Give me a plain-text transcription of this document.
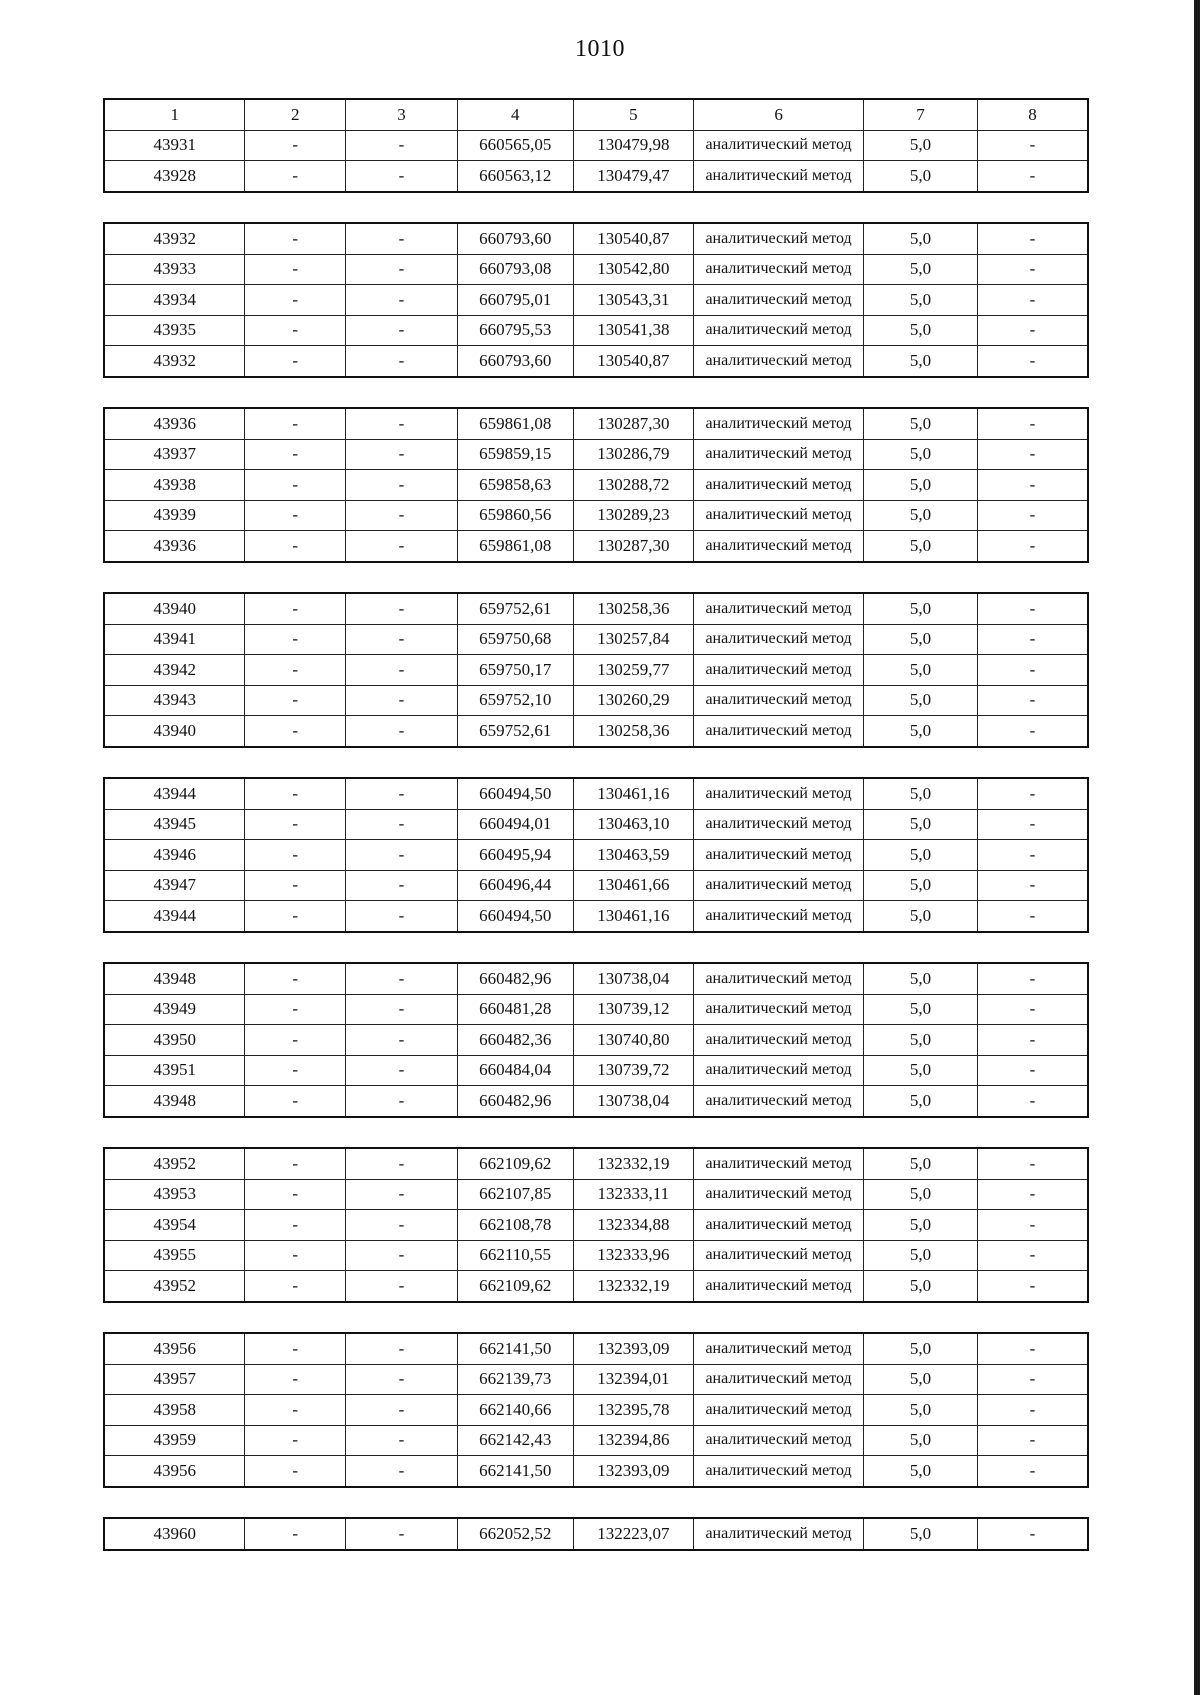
1010
1	2	3	4	5	6	7	8
43931	-	-	660565,05	130479,98	аналитический метод	5,0	-
43928	-	-	660563,12	130479,47	аналитический метод	5,0	-
43932	-	-	660793,60	130540,87	аналитический метод	5,0	-
43933	-	-	660793,08	130542,80	аналитический метод	5,0	-
43934	-	-	660795,01	130543,31	аналитический метод	5,0	-
43935	-	-	660795,53	130541,38	аналитический метод	5,0	-
43932	-	-	660793,60	130540,87	аналитический метод	5,0	-
43936	-	-	659861,08	130287,30	аналитический метод	5,0	-
43937	-	-	659859,15	130286,79	аналитический метод	5,0	-
43938	-	-	659858,63	130288,72	аналитический метод	5,0	-
43939	-	-	659860,56	130289,23	аналитический метод	5,0	-
43936	-	-	659861,08	130287,30	аналитический метод	5,0	-
43940	-	-	659752,61	130258,36	аналитический метод	5,0	-
43941	-	-	659750,68	130257,84	аналитический метод	5,0	-
43942	-	-	659750,17	130259,77	аналитический метод	5,0	-
43943	-	-	659752,10	130260,29	аналитический метод	5,0	-
43940	-	-	659752,61	130258,36	аналитический метод	5,0	-
43944	-	-	660494,50	130461,16	аналитический метод	5,0	-
43945	-	-	660494,01	130463,10	аналитический метод	5,0	-
43946	-	-	660495,94	130463,59	аналитический метод	5,0	-
43947	-	-	660496,44	130461,66	аналитический метод	5,0	-
43944	-	-	660494,50	130461,16	аналитический метод	5,0	-
43948	-	-	660482,96	130738,04	аналитический метод	5,0	-
43949	-	-	660481,28	130739,12	аналитический метод	5,0	-
43950	-	-	660482,36	130740,80	аналитический метод	5,0	-
43951	-	-	660484,04	130739,72	аналитический метод	5,0	-
43948	-	-	660482,96	130738,04	аналитический метод	5,0	-
43952	-	-	662109,62	132332,19	аналитический метод	5,0	-
43953	-	-	662107,85	132333,11	аналитический метод	5,0	-
43954	-	-	662108,78	132334,88	аналитический метод	5,0	-
43955	-	-	662110,55	132333,96	аналитический метод	5,0	-
43952	-	-	662109,62	132332,19	аналитический метод	5,0	-
43956	-	-	662141,50	132393,09	аналитический метод	5,0	-
43957	-	-	662139,73	132394,01	аналитический метод	5,0	-
43958	-	-	662140,66	132395,78	аналитический метод	5,0	-
43959	-	-	662142,43	132394,86	аналитический метод	5,0	-
43956	-	-	662141,50	132393,09	аналитический метод	5,0	-
43960	-	-	662052,52	132223,07	аналитический метод	5,0	-
